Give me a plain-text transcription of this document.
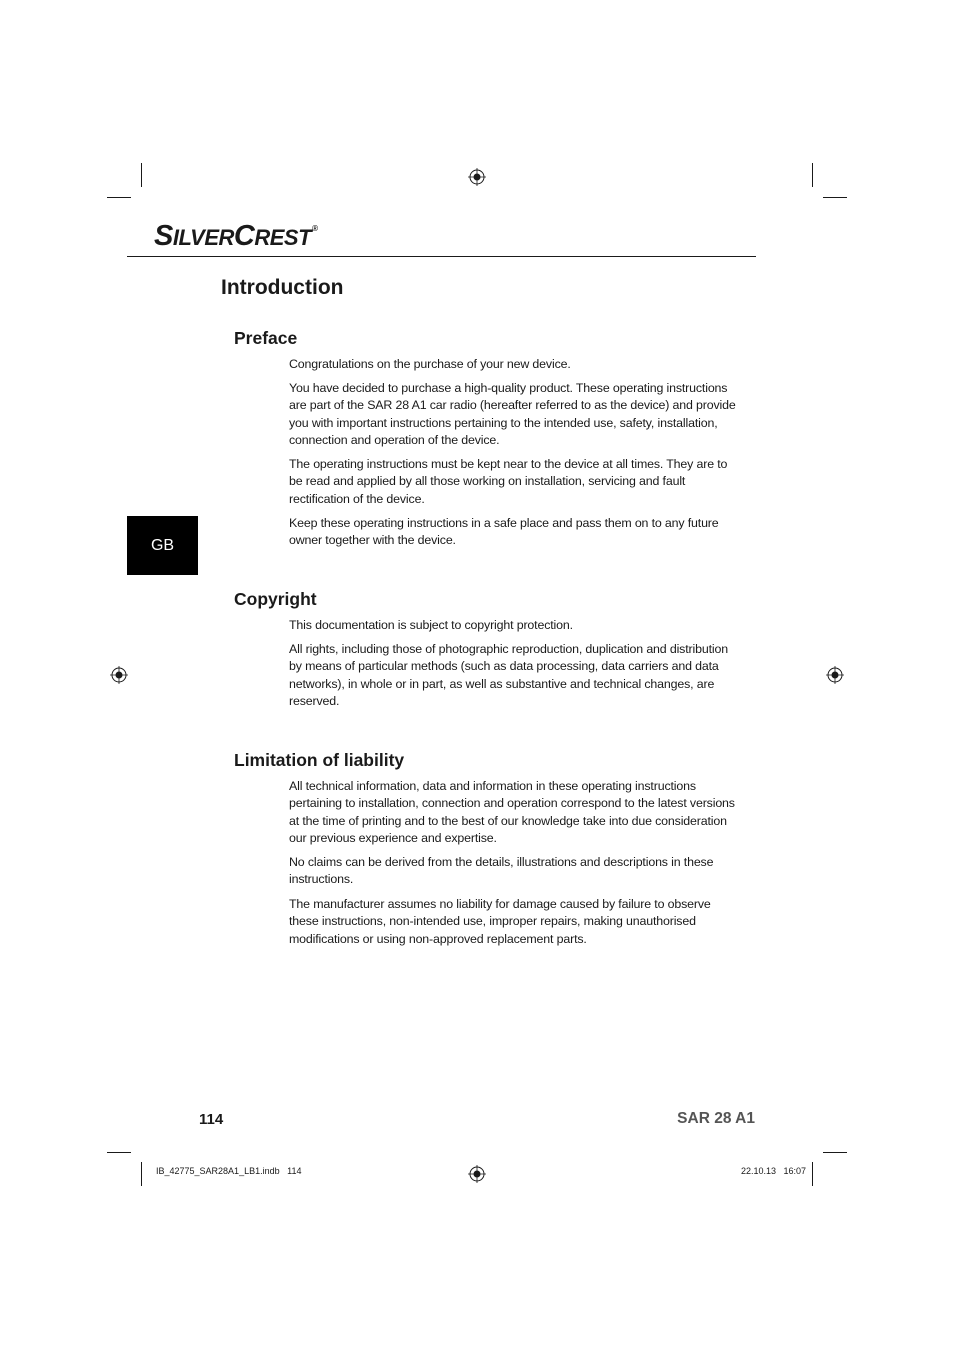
SILVERCREST®
Introduction
GB
Preface

Congratulations on the purchase of your new device.

You have decided to purchase a high-quality product. These operating instructions are part of the SAR 28 A1 car radio (hereafter referred to as the device) and provide you with important instructions pertaining to the intended use, safety, installation, connection and operation of the device.

The operating instructions must be kept near to the device at all times. They are to be read and applied by all those working on installation, servicing and fault rectification of the device.

Keep these operating instructions in a safe place and pass them on to any future owner together with the device.

Copyright

This documentation is subject to copyright protection.

All rights, including those of photographic reproduction, duplication and distribution by means of particular methods (such as data processing, data carriers and data networks), in whole or in part, as well as substantive and technical changes, are reserved.

Limitation of liability

All technical information, data and information in these operating instructions pertaining to installation, connection and operation correspond to the latest versions at the time of printing and to the best of our knowledge take into due consideration our previous experience and expertise.

No claims can be derived from the details, illustrations and descriptions in these instructions.

The manufacturer assumes no liability for damage caused by failure to observe these instructions, non-intended use, improper repairs, making unauthorised modifications or using non-approved replacement parts.

114	SAR 28 A1
IB_42775_SAR28A1_LB1.indb   114	22.10.13   16:07
